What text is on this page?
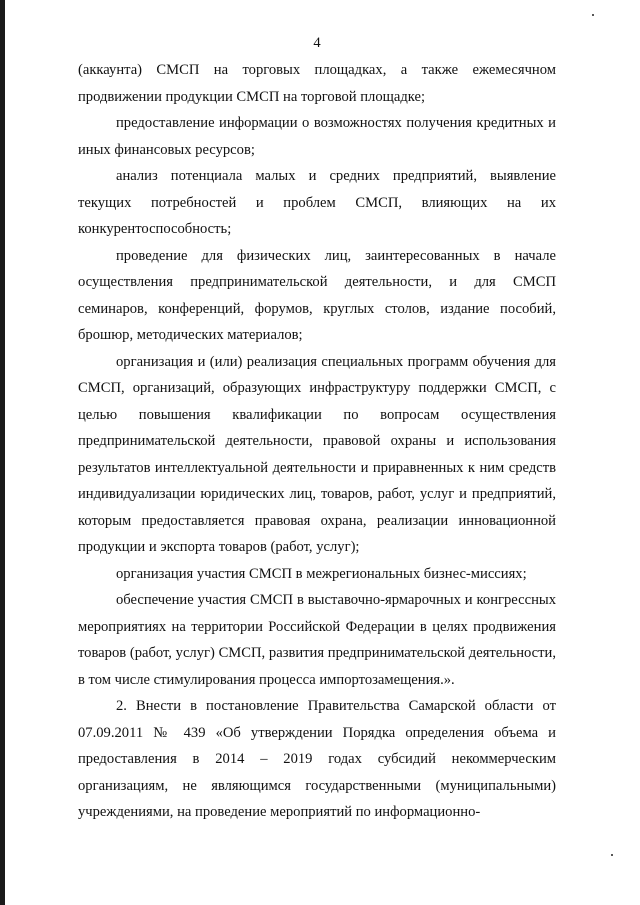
4

(аккаунта) СМСП на торговых площадках, а также ежемесячном продвижении продукции СМСП на торговой площадке;

предоставление информации о возможностях получения кредитных и иных финансовых ресурсов;

анализ потенциала малых и средних предприятий, выявление текущих потребностей и проблем СМСП, влияющих на их конкурентоспособность;

проведение для физических лиц, заинтересованных в начале осуществления предпринимательской деятельности, и для СМСП семинаров, конференций, форумов, круглых столов, издание пособий, брошюр, методических материалов;

организация и (или) реализация специальных программ обучения для СМСП, организаций, образующих инфраструктуру поддержки СМСП, с целью повышения квалификации по вопросам осуществления предпринимательской деятельности, правовой охраны и использования результатов интеллектуальной деятельности и приравненных к ним средств индивидуализации юридических лиц, товаров, работ, услуг и предприятий, которым предоставляется правовая охрана, реализации инновационной продукции и экспорта товаров (работ, услуг);

организация участия СМСП в межрегиональных бизнес-миссиях;

обеспечение участия СМСП в выставочно-ярмарочных и конгрессных мероприятиях на территории Российской Федерации в целях продвижения товаров (работ, услуг) СМСП, развития предпринимательской деятельности, в том числе стимулирования процесса импортозамещения.».

2. Внести в постановление Правительства Самарской области от 07.09.2011 № 439 «Об утверждении Порядка определения объема и предоставления в 2014 – 2019 годах субсидий некоммерческим организациям, не являющимся государственными (муниципальными) учреждениями, на проведение мероприятий по информационно-
